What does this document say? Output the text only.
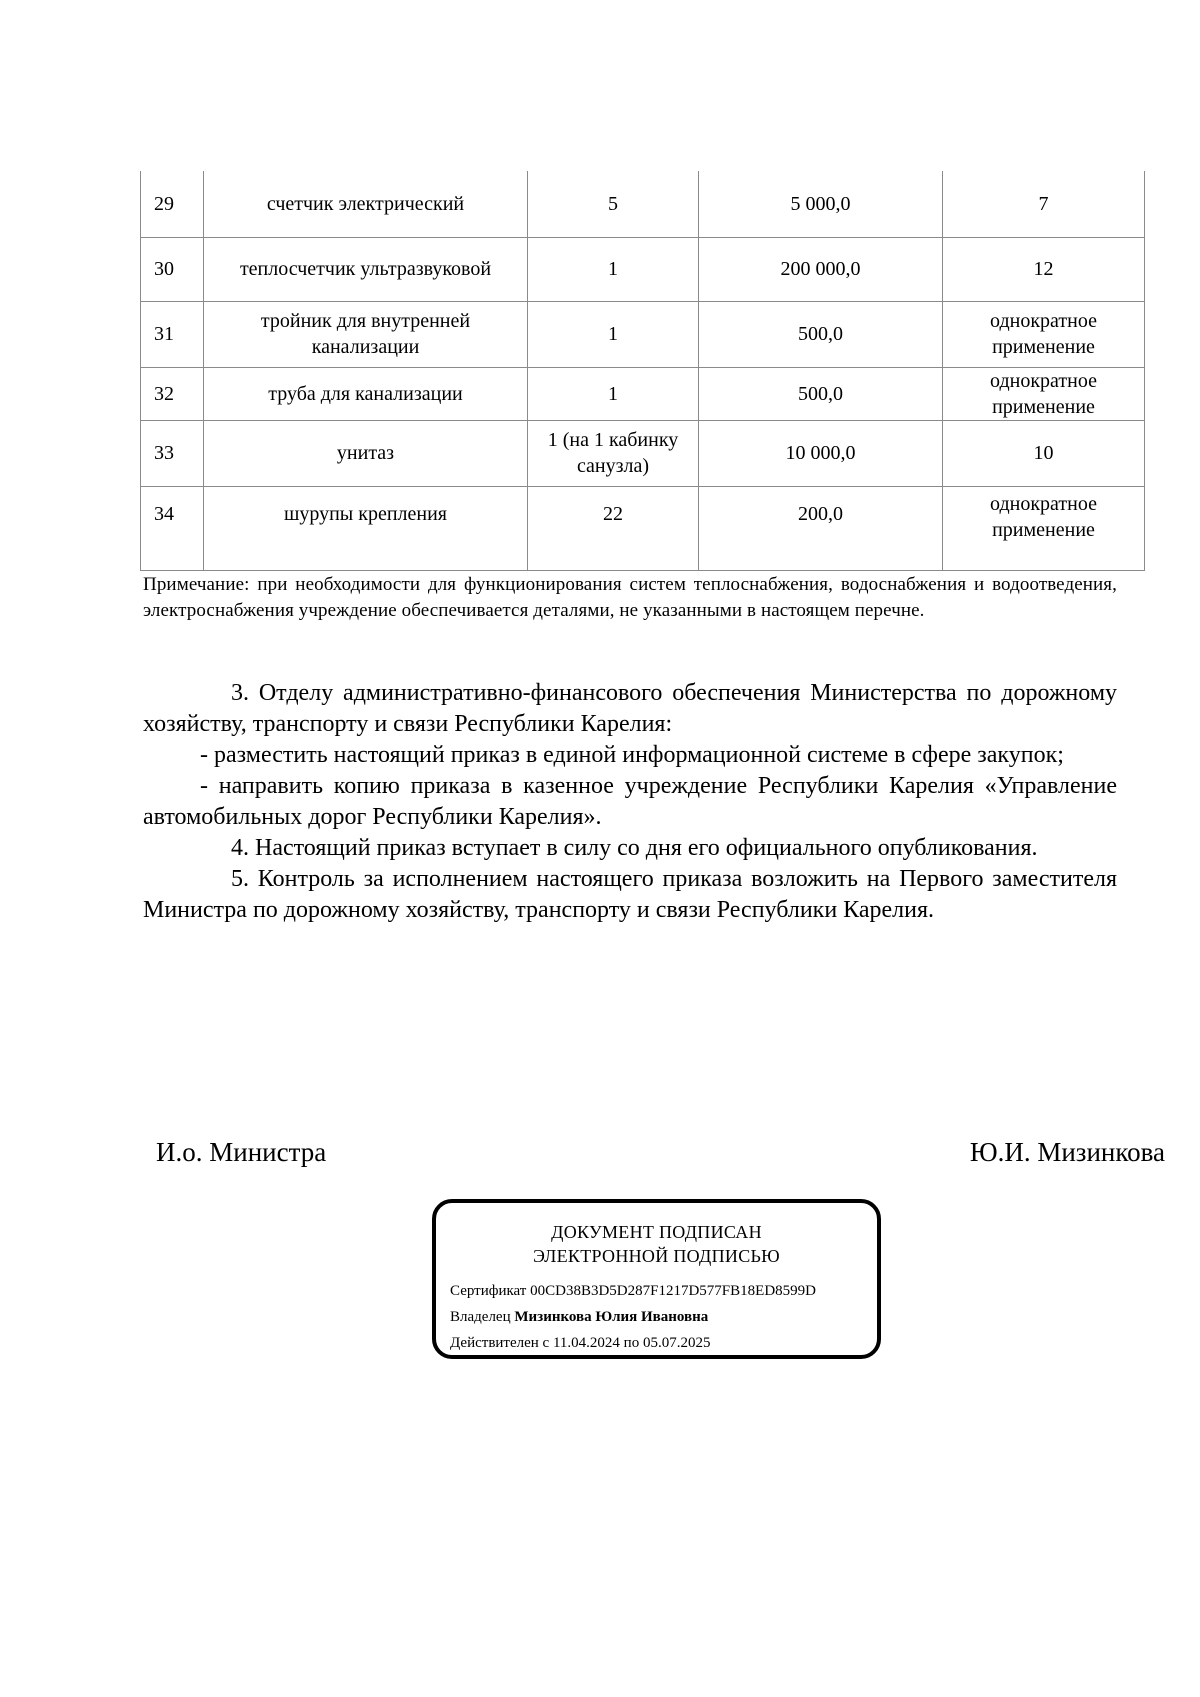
29	счетчик электрический	5	5 000,0	7
30	теплосчетчик ультразвуковой	1	200 000,0	12
31	тройник для внутренней канализации	1	500,0	однократное применение
32	труба для канализации	1	500,0	однократное применение
33	унитаз	1 (на 1 кабинку санузла)	10 000,0	10
34	шурупы крепления	22	200,0	однократное применение

Примечание: при необходимости для функционирования систем теплоснабжения, водоснабжения и водоотведения, электроснабжения учреждение обеспечивается деталями, не указанными в настоящем перечне.

3. Отделу административно-финансового обеспечения Министерства по дорожному хозяйству, транспорту и связи Республики Карелия:

- разместить настоящий приказ в единой информационной системе в сфере закупок;

- направить копию приказа в казенное учреждение Республики Карелия «Управление автомобильных дорог Республики Карелия».

4. Настоящий приказ вступает в силу со дня его официального опубликования.

5. Контроль за исполнением настоящего приказа возложить на Первого заместителя Министра по дорожному хозяйству, транспорту и связи Республики Карелия.

И.о. Министра	Ю.И. Мизинкова

ДОКУМЕНТ ПОДПИСАН
ЭЛЕКТРОННОЙ ПОДПИСЬЮ
Сертификат 00CD38B3D5D287F1217D577FB18ED8599D
Владелец Мизинкова Юлия Ивановна
Действителен с 11.04.2024 по 05.07.2025
